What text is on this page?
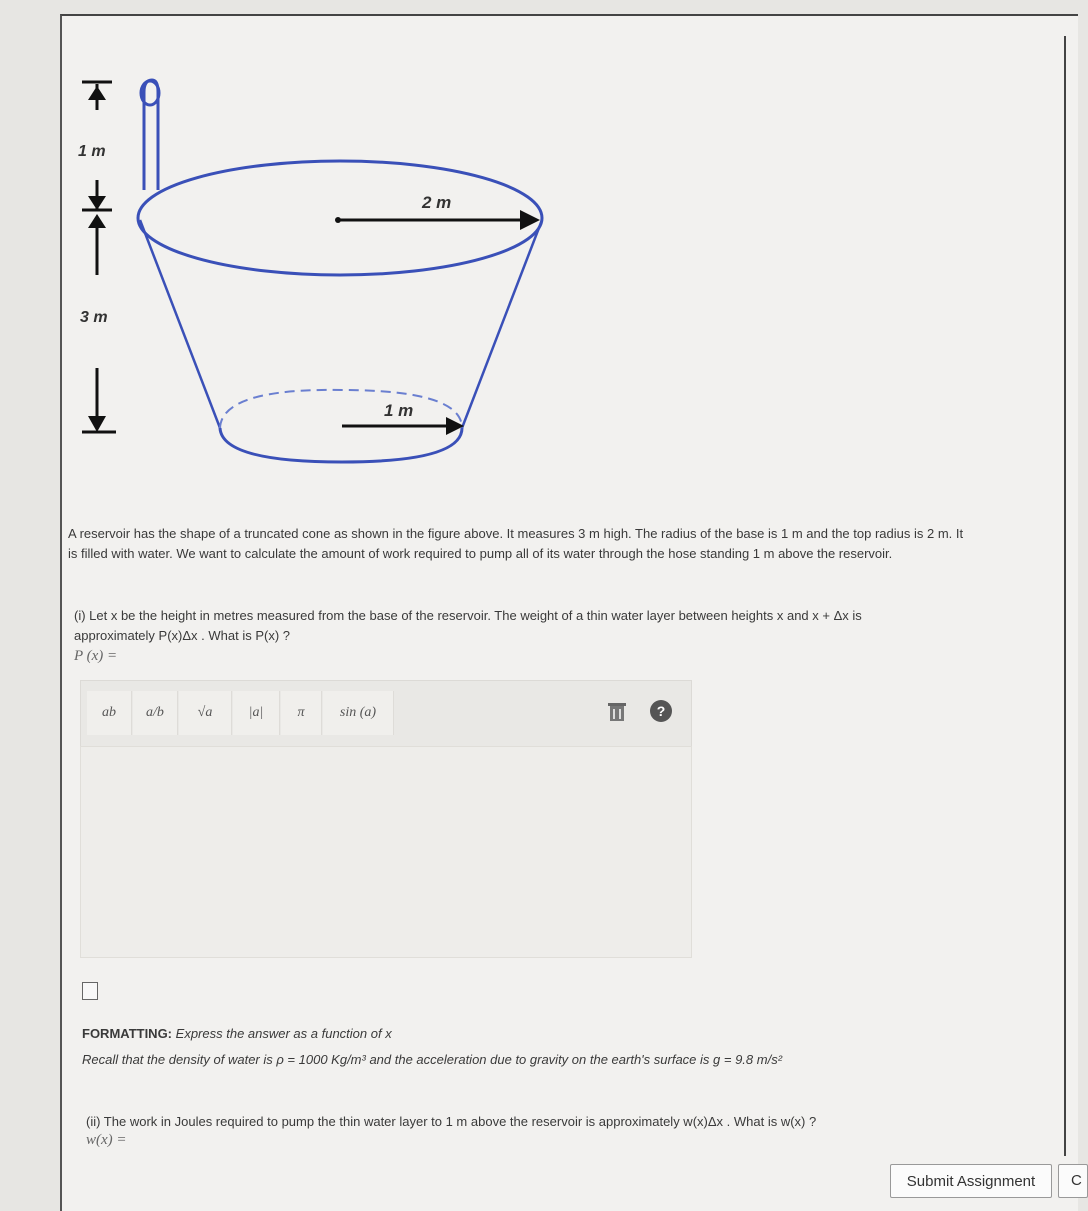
2 m
1 m
1 m
3 m
A reservoir has the shape of a truncated cone as shown in the figure above. It measures 3 m high. The radius of the base is 1 m and the top radius is 2 m. It
is filled with water. We want to calculate the amount of work required to pump all of its water through the hose standing 1 m above the reservoir.
(i) Let x be the height in metres measured from the base of the reservoir. The weight of a thin water layer between heights x and x + Δx is
approximately P(x)Δx . What is P(x) ?
P (x) =
ab	a/b	√a	|a|	π	sin (a)	?
FORMATTING: Express the answer as a function of x
Recall that the density of water is ρ = 1000 Kg/m³ and the acceleration due to gravity on the earth's surface is g = 9.8 m/s²
(ii) The work in Joules required to pump the thin water layer to 1 m above the reservoir is approximately w(x)Δx . What is w(x) ?
w(x) =
Submit Assignment	C
